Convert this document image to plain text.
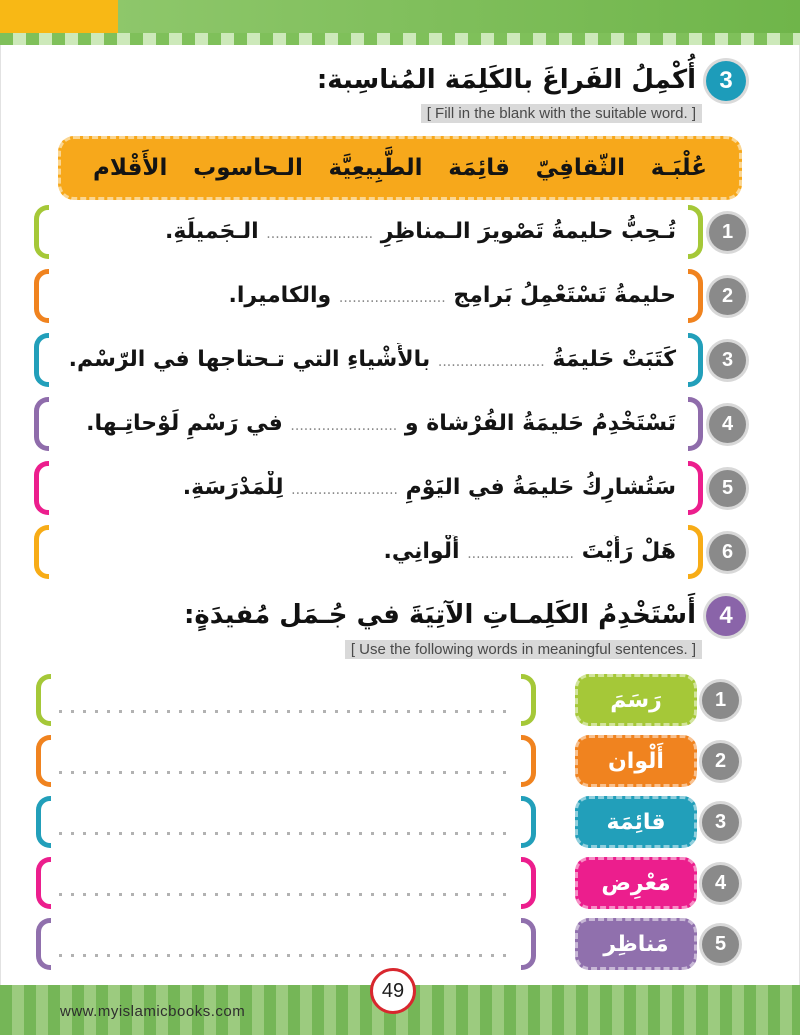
3
أُكْمِلُ الفَراغَ بالكَلِمَة المُناسِبة:
[ Fill in the blank with the suitable word. ]
عُلْبَـة
الثّقافِيّ
قائِمَة
الطَّبِيعِيَّة
الـحاسوب
الأَقْلام
1
تُـحِبُّ حليمةُ تَصْويرَ الـمناظِرِ ........................ الـجَميلَةِ.
2
حليمةُ تَسْتَعْمِلُ بَرامِج ........................ والكاميرا.
3
كَتَبَتْ حَليمَةُ ........................ بالأَشْياءِ التي تـحتاجها في الرّسْم.
4
تَسْتَخْدِمُ حَليمَةُ الفُرْشاة و ........................ في رَسْمِ لَوْحاتِـها.
5
سَتُشارِكُ حَليمَةُ في اليَوْمِ ........................ لِلْمَدْرَسَةِ.
6
هَلْ رَأَيْتَ ........................ أَلْوانِي.
4
أَسْتَخْدِمُ الكَلِمـاتِ الآتِيَةَ في جُـمَل مُفيدَةٍ:
[ Use the following words in meaningful sentences. ]
رَسَمَ
أَلْوان
قائِمَة
مَعْرِض
مَناظِر
1
2
3
4
5
www.myislamicbooks.com
49
